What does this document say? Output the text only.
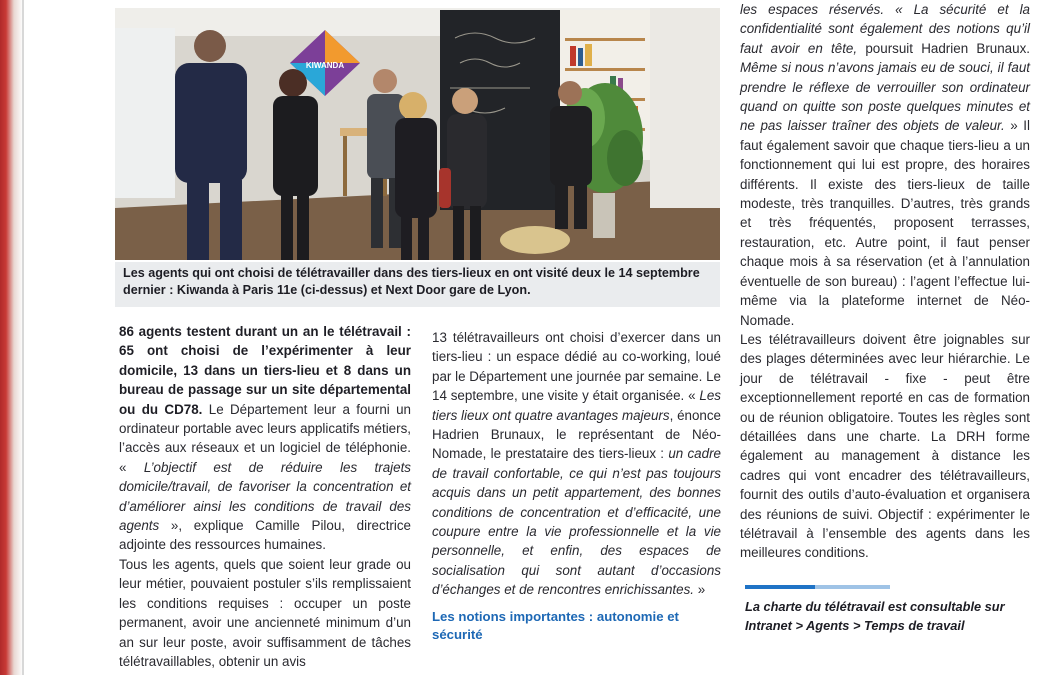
KIWANDA
Les agents qui ont choisi de télétravailler dans des tiers-lieux en ont visité deux le 14 septembre dernier : Kiwanda à Paris 11e (ci-dessus) et Next Door gare de Lyon.

86 agents testent durant un an le télétravail : 65 ont choisi de l’expérimenter à leur domicile, 13 dans un tiers-lieu et 8 dans un bureau de passage sur un site départemental ou du CD78. Le Département leur a fourni un ordinateur portable avec leurs applicatifs métiers, l’accès aux réseaux et un logiciel de téléphonie. « L’objectif est de réduire les trajets domicile/travail, de favoriser la concentration et d’améliorer ainsi les conditions de travail des agents », explique Camille Pilou, directrice adjointe des ressources humaines.

Tous les agents, quels que soient leur grade ou leur métier, pouvaient postuler s’ils remplissaient les conditions requises : occuper un poste permanent, avoir une ancienneté minimum d’un an sur leur poste, avoir suffisamment de tâches télétravaillables, obtenir un avis

13 télétravailleurs ont choisi d’exercer dans un tiers-lieu : un espace dédié au co-working, loué par le Département une journée par semaine. Le 14 septembre, une visite y était organisée. « Les tiers lieux ont quatre avantages majeurs, énonce Hadrien Brunaux, le représentant de Néo-Nomade, le prestataire des tiers-lieux : un cadre de travail confortable, ce qui n’est pas toujours acquis dans un petit appartement, des bonnes conditions de concentration et d’efficacité, une coupure entre la vie professionnelle et la vie personnelle, et enfin, des espaces de socialisation qui sont autant d’occasions d’échanges et de rencontres enrichissantes. »

Les notions importantes : autonomie et sécurité

les espaces réservés. « La sécurité et la confidentialité sont également des notions qu’il faut avoir en tête, poursuit Hadrien Brunaux. Même si nous n’avons jamais eu de souci, il faut prendre le réflexe de verrouiller son ordinateur quand on quitte son poste quelques minutes et ne pas laisser traîner des objets de valeur. » Il faut également savoir que chaque tiers-lieu a un fonctionnement qui lui est propre, des horaires différents. Il existe des tiers-lieux de taille modeste, très tranquilles. D’autres, très grands et très fréquentés, proposent terrasses, restauration, etc. Autre point, il faut penser chaque mois à sa réservation (et à l’annulation éventuelle de son bureau) : l’agent l’effectue lui-même via la plateforme internet de Néo-Nomade.

Les télétravailleurs doivent être joignables sur des plages déterminées avec leur hiérarchie. Le jour de télétravail - fixe - peut être exceptionnellement reporté en cas de formation ou de réunion obligatoire. Toutes les règles sont détaillées dans une charte. La DRH forme également au management à distance les cadres qui vont encadrer des télétravailleurs, fournit des outils d’auto-évaluation et organisera des réunions de suivi. Objectif : expérimenter le télétravail à l’ensemble des agents dans les meilleures conditions.

La charte du télétravail est consultable sur Intranet > Agents > Temps de travail
